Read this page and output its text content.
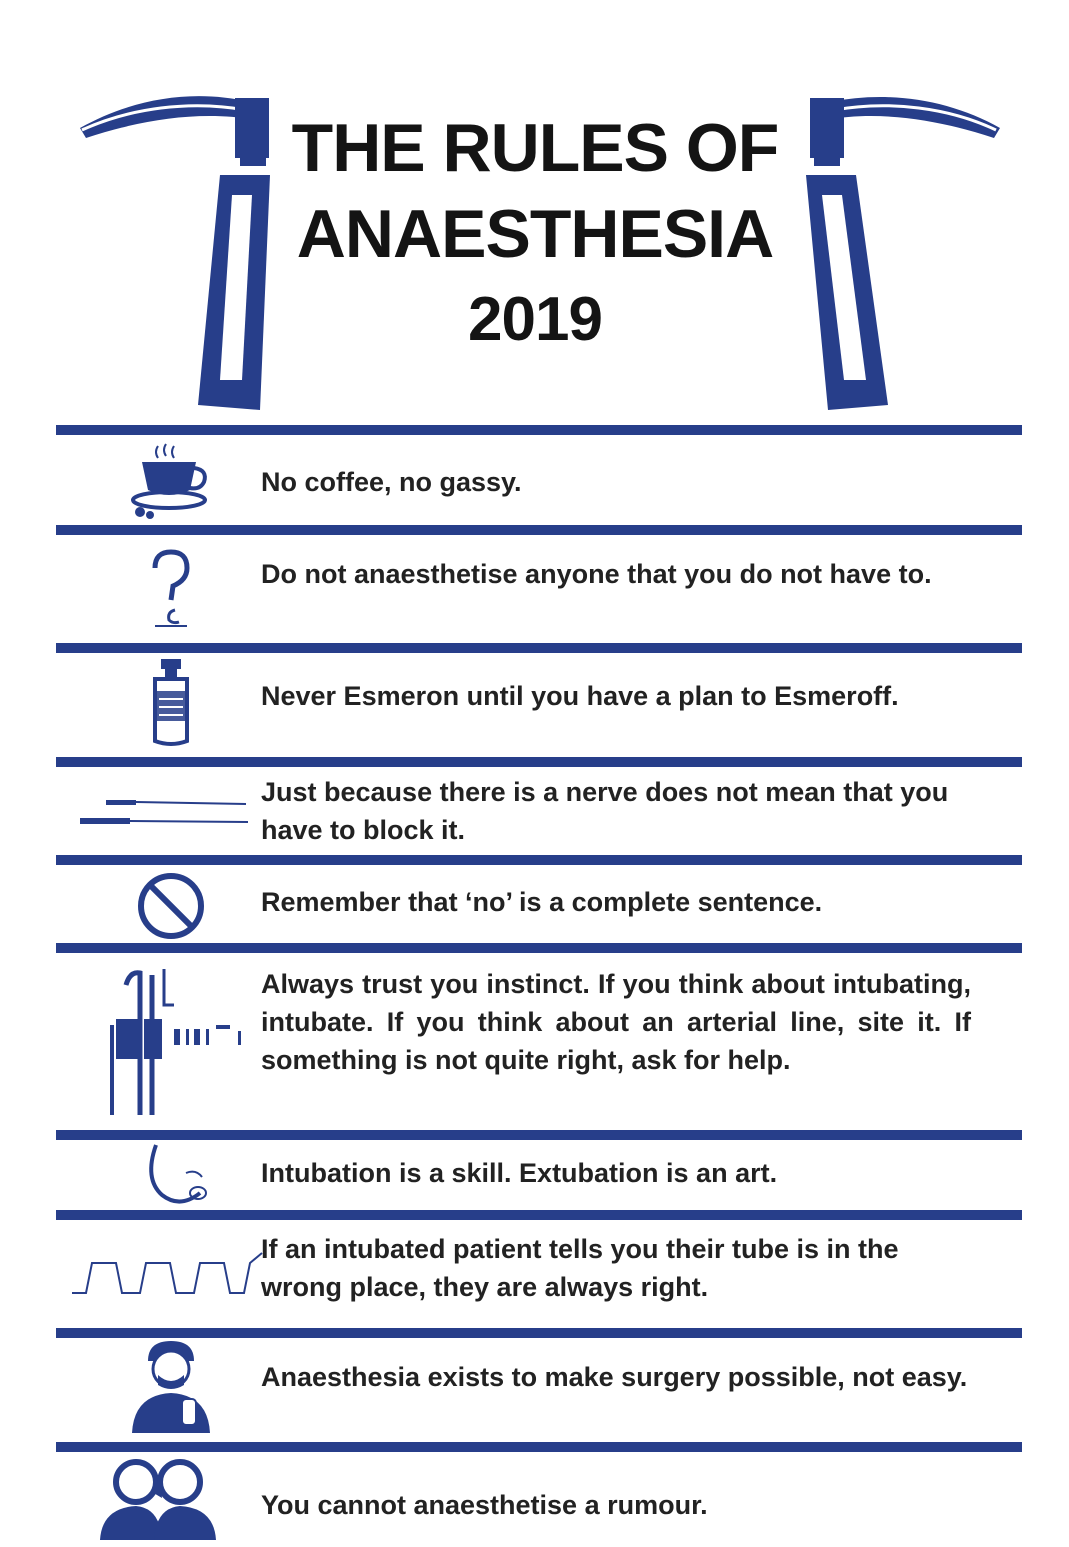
THE RULES OF
ANAESTHESIA
2019
No coffee, no gassy.
Do not anaesthetise anyone that you do not have to.
Never Esmeron until you have a plan to Esmeroff.
Just because there is a nerve does not mean that you have to block it.
Remember that ‘no’ is a complete sentence.
Always trust you instinct. If you think about intubating, intubate. If you think about an arterial line, site it. If something is not quite right, ask for help.
Intubation is a skill. Extubation is an art.
If an intubated patient tells you their tube is in the wrong place, they are always right.
Anaesthesia exists to make surgery possible, not easy.
You cannot anaesthetise a rumour.
